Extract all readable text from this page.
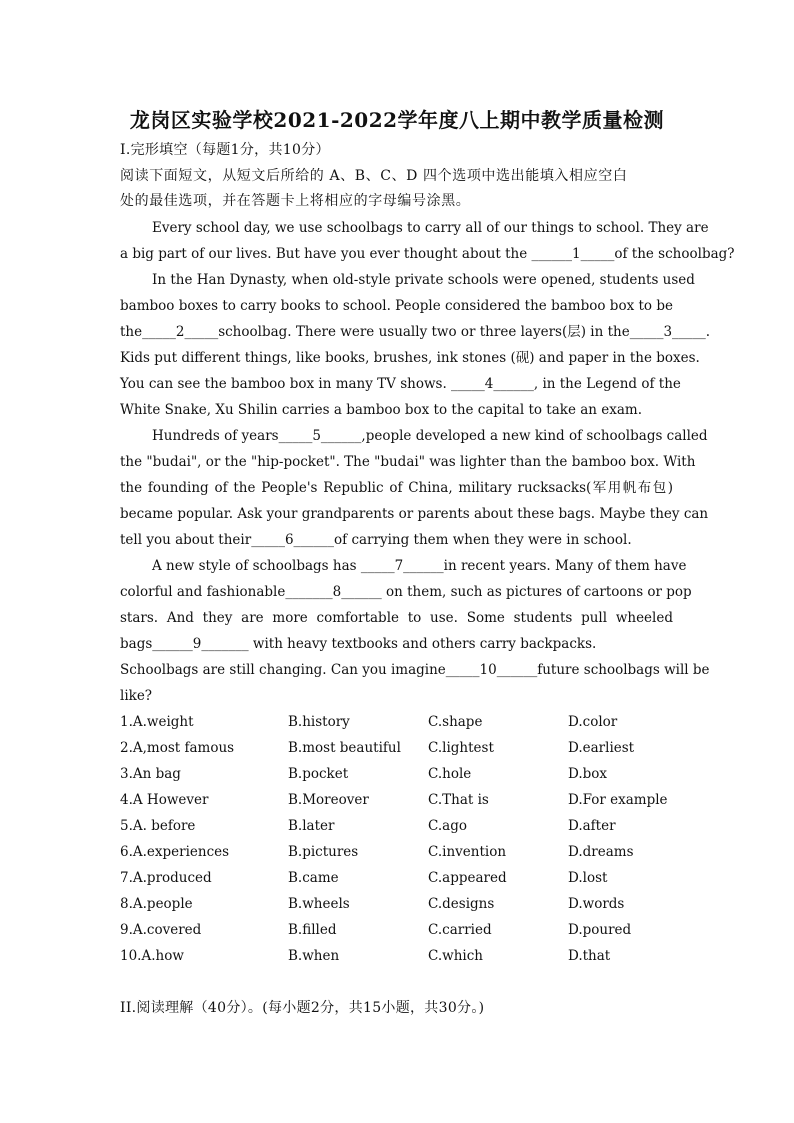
龙岗区实验学校2021-2022学年度八上期中教学质量检测
I.完形填空（每题1分，共10分）
阅读下面短文，从短文后所给的 A、B、C、D 四个选项中选出能填入相应空白
处的最佳选项，并在答题卡上将相应的字母编号涂黑。
Every school day, we use schoolbags to carry all of our things to school. They are
a big part of our lives. But have you ever thought about the ______1_____of the schoolbag?
In the Han Dynasty, when old-style private schools were opened, students used
bamboo boxes to carry books to school. People considered the bamboo box to be
the_____2_____schoolbag. There were usually two or three layers(层) in the_____3_____.
Kids put different things, like books, brushes, ink stones (砚) and paper in the boxes.
You can see the bamboo box in many TV shows. _____4______, in the Legend of the
White Snake, Xu Shilin carries a bamboo box to the capital to take an exam.
Hundreds of years_____5______,people developed a new kind of schoolbags called
the "budai", or the "hip-pocket". The "budai" was lighter than the bamboo box. With
the founding of the People's Republic of China, military rucksacks(军用帆布包)
became popular. Ask your grandparents or parents about these bags. Maybe they can
tell you about their_____6______of carrying them when they were in school.
A new style of schoolbags has _____7______in recent years. Many of them have
colorful and fashionable_______8______ on them, such as pictures of cartoons or pop
stars. And they are more comfortable to use. Some students pull wheeled
bags______9_______ with heavy textbooks and others carry backpacks.
Schoolbags are still changing. Can you imagine_____10______future schoolbags will be
like?
1.A.weight	B.history	C.shape	D.color
2.A,most famous	B.most beautiful C.lightest	D.earliest
3.An bag	B.pocket	C.hole	D.box
4.A However	B.Moreover	C.That is	D.For example
5.A. before	B.later	C.ago	D.after
6.A.experiences	B.pictures	C.invention	D.dreams
7.A.produced	B.came	C.appeared	D.lost
8.A.people	B.wheels	C.designs	D.words
9.A.covered	B.filled	C.carried	D.poured
10.A.how	B.when	C.which	D.that
II.阅读理解（40分）。(每小题2分，共15小题，共30分。)
